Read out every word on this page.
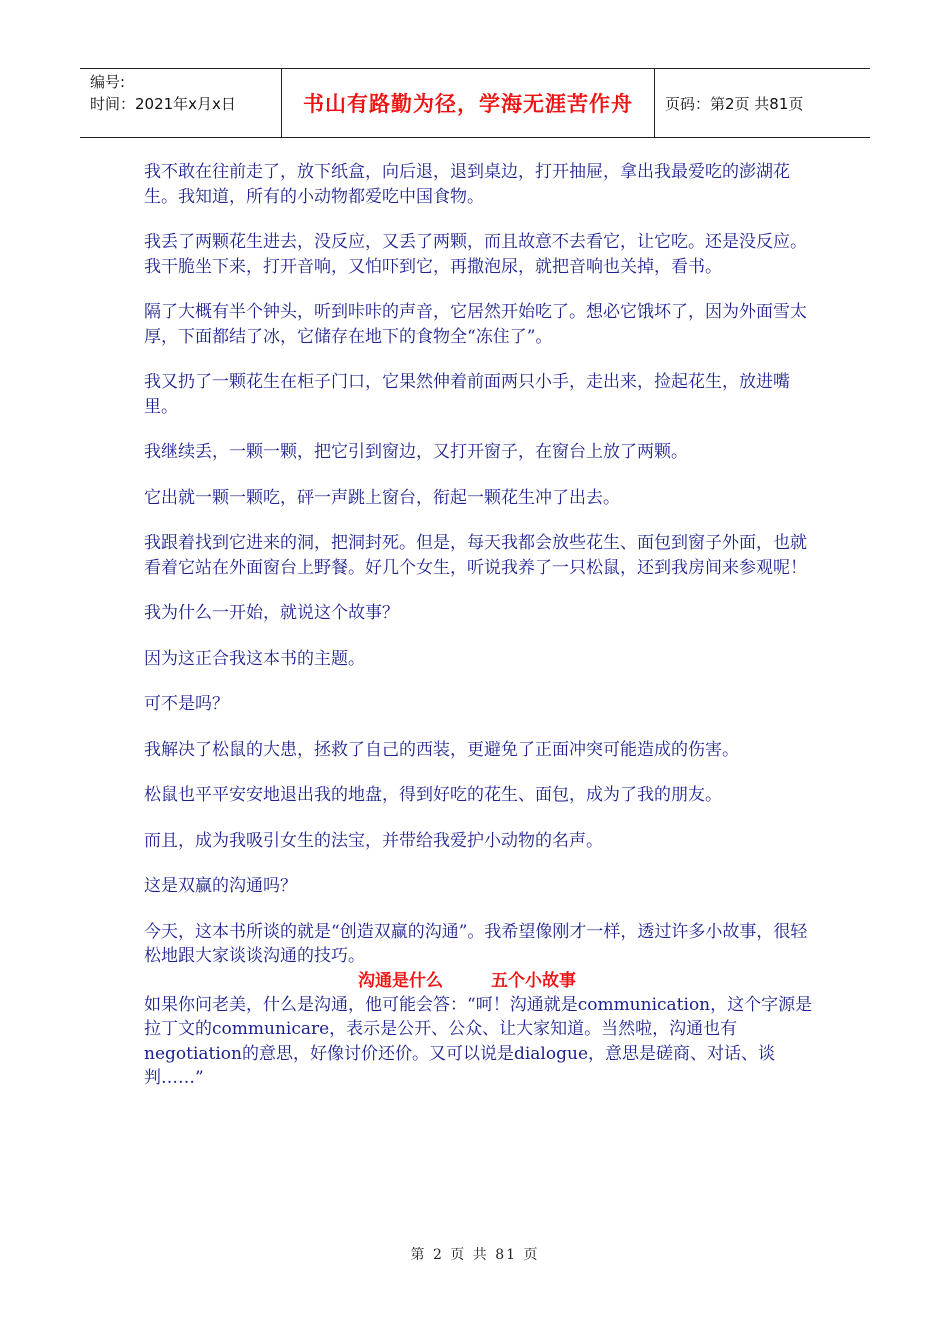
编号:
时间：2021年x月x日	书山有路勤为径，学海无涯苦作舟	页码：第2页 共81页

我不敢在往前走了，放下纸盒，向后退，退到桌边，打开抽屉，拿出我最爱吃的澎湖花生。我知道，所有的小动物都爱吃中国食物。

我丢了两颗花生进去，没反应，又丢了两颗，而且故意不去看它，让它吃。还是没反应。我干脆坐下来，打开音响，又怕吓到它，再撒泡尿，就把音响也关掉，看书。

隔了大概有半个钟头，听到咔咔的声音，它居然开始吃了。想必它饿坏了，因为外面雪太厚，下面都结了冰，它储存在地下的食物全“冻住了”。

我又扔了一颗花生在柜子门口，它果然伸着前面两只小手，走出来，捡起花生，放进嘴里。

我继续丢，一颗一颗，把它引到窗边，又打开窗子，在窗台上放了两颗。

它出就一颗一颗吃，砰一声跳上窗台，衔起一颗花生冲了出去。

我跟着找到它进来的洞，把洞封死。但是，每天我都会放些花生、面包到窗子外面，也就看着它站在外面窗台上野餐。好几个女生，听说我养了一只松鼠，还到我房间来参观呢！

我为什么一开始，就说这个故事？

因为这正合我这本书的主题。

可不是吗？

我解决了松鼠的大患，拯救了自己的西装，更避免了正面冲突可能造成的伤害。

松鼠也平平安安地退出我的地盘，得到好吃的花生、面包，成为了我的朋友。

而且，成为我吸引女生的法宝，并带给我爱护小动物的名声。

这是双赢的沟通吗？

今天，这本书所谈的就是“创造双赢的沟通”。我希望像刚才一样，透过许多小故事，很轻松地跟大家谈谈沟通的技巧。

沟通是什么	五个小故事

如果你问老美，什么是沟通，他可能会答：“呵！沟通就是communication，这个字源是拉丁文的communicare，表示是公开、公众、让大家知道。当然啦，沟通也有negotiation的意思，好像讨价还价。又可以说是dialogue，意思是磋商、对话、谈判……”

第 2 页 共 81 页
